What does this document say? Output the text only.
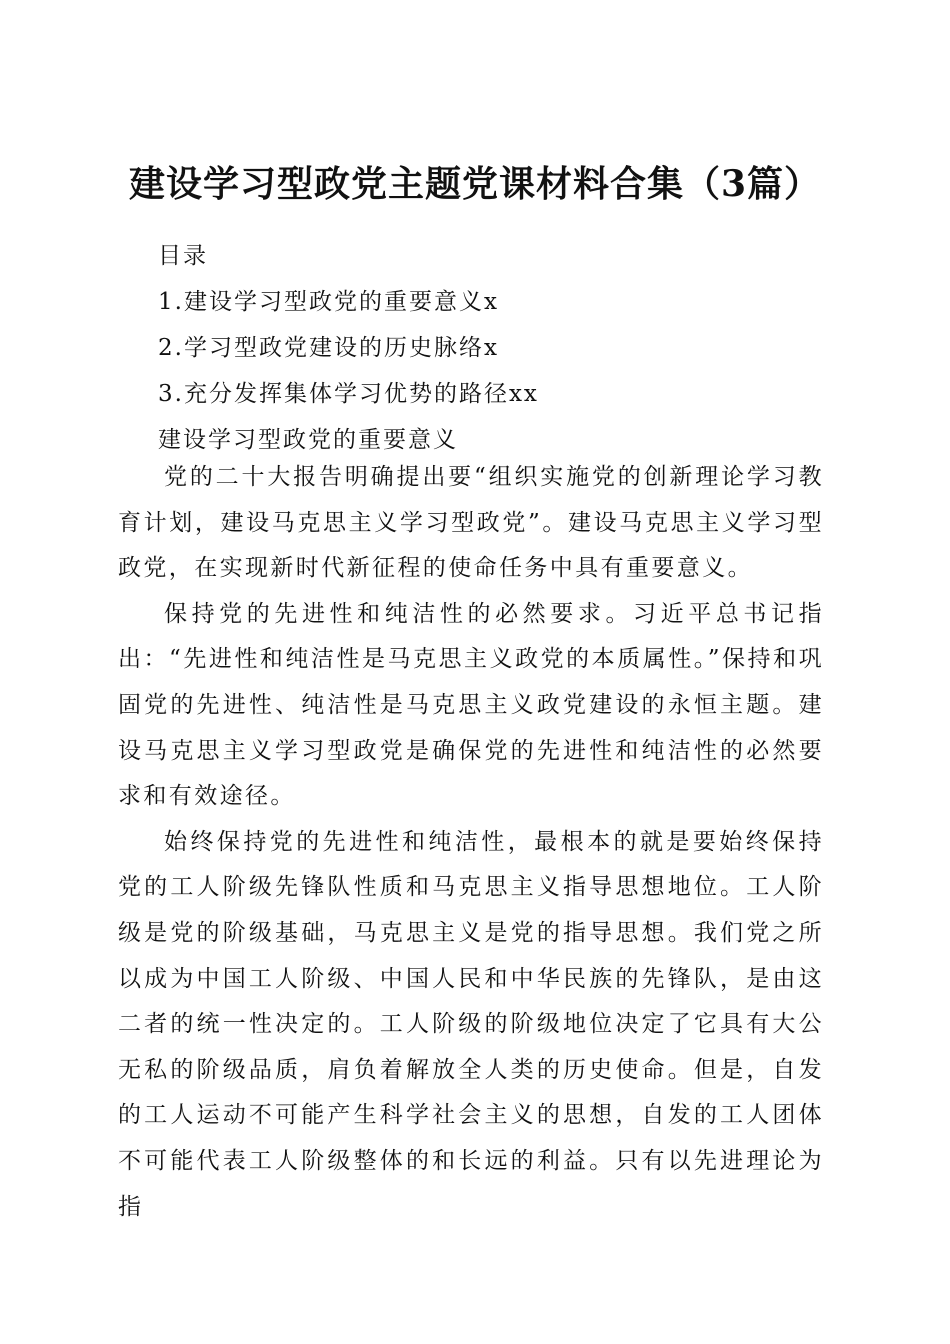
建设学习型政党主题党课材料合集（3篇）
目录
1.建设学习型政党的重要意义x
2.学习型政党建设的历史脉络x
3.充分发挥集体学习优势的路径xx
建设学习型政党的重要意义

党的二十大报告明确提出要“组织实施党的创新理论学习教育计划，建设马克思主义学习型政党”。建设马克思主义学习型政党，在实现新时代新征程的使命任务中具有重要意义。

保持党的先进性和纯洁性的必然要求。习近平总书记指出：“先进性和纯洁性是马克思主义政党的本质属性。”保持和巩固党的先进性、纯洁性是马克思主义政党建设的永恒主题。建设马克思主义学习型政党是确保党的先进性和纯洁性的必然要求和有效途径。

始终保持党的先进性和纯洁性，最根本的就是要始终保持党的工人阶级先锋队性质和马克思主义指导思想地位。工人阶级是党的阶级基础，马克思主义是党的指导思想。我们党之所以成为中国工人阶级、中国人民和中华民族的先锋队，是由这二者的统一性决定的。工人阶级的阶级地位决定了它具有大公无私的阶级品质，肩负着解放全人类的历史使命。但是，自发的工人运动不可能产生科学社会主义的思想，自发的工人团体不可能代表工人阶级整体的和长远的利益。只有以先进理论为指
